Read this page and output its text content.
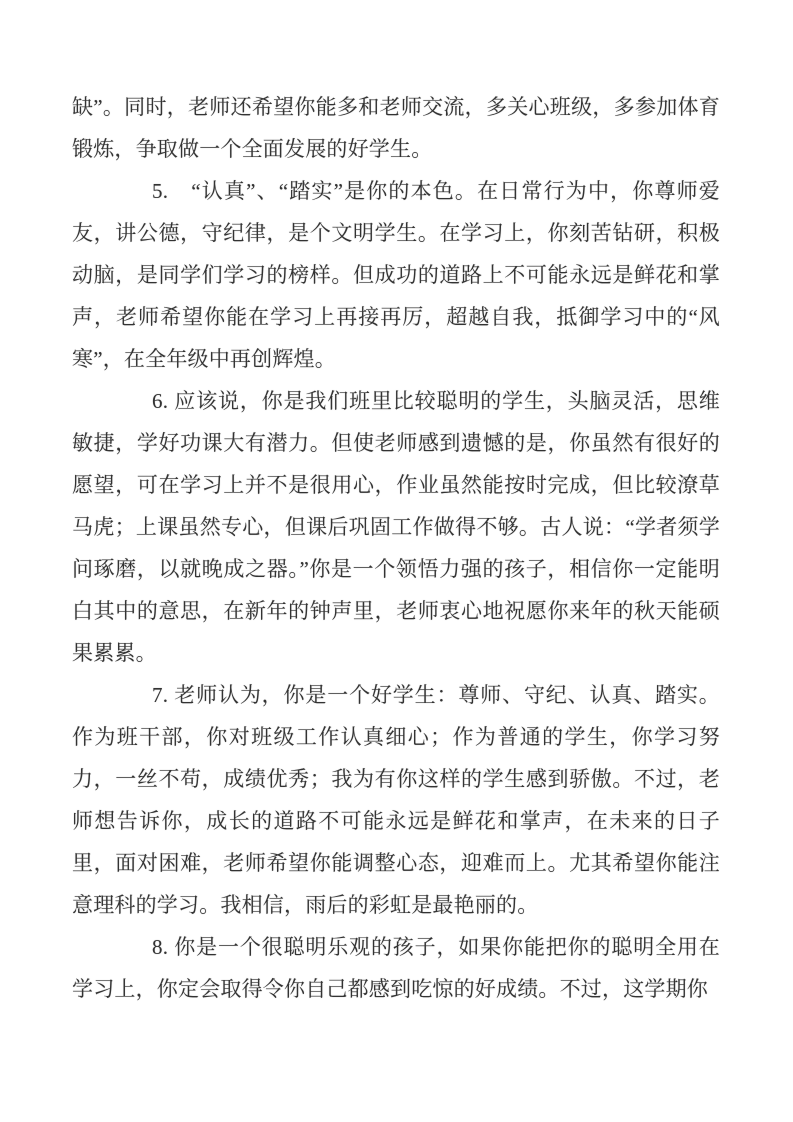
缺”。同时，老师还希望你能多和老师交流，多关心班级，多参加体育锻炼，争取做一个全面发展的好学生。

5.　“认真”、“踏实”是你的本色。在日常行为中，你尊师爱友，讲公德，守纪律，是个文明学生。在学习上，你刻苦钻研，积极动脑，是同学们学习的榜样。但成功的道路上不可能永远是鲜花和掌声，老师希望你能在学习上再接再厉，超越自我，抵御学习中的“风寒”，在全年级中再创辉煌。

6. 应该说，你是我们班里比较聪明的学生，头脑灵活，思维敏捷，学好功课大有潜力。但使老师感到遗憾的是，你虽然有很好的愿望，可在学习上并不是很用心，作业虽然能按时完成，但比较潦草马虎；上课虽然专心，但课后巩固工作做得不够。古人说：“学者须学问琢磨，以就晚成之器。”你是一个领悟力强的孩子，相信你一定能明白其中的意思，在新年的钟声里，老师衷心地祝愿你来年的秋天能硕果累累。

7. 老师认为，你是一个好学生：尊师、守纪、认真、踏实。作为班干部，你对班级工作认真细心；作为普通的学生，你学习努力，一丝不苟，成绩优秀；我为有你这样的学生感到骄傲。不过，老师想告诉你，成长的道路不可能永远是鲜花和掌声，在未来的日子里，面对困难，老师希望你能调整心态，迎难而上。尤其希望你能注意理科的学习。我相信，雨后的彩虹是最艳丽的。

8. 你是一个很聪明乐观的孩子，如果你能把你的聪明全用在学习上，你定会取得令你自己都感到吃惊的好成绩。不过，这学期你
